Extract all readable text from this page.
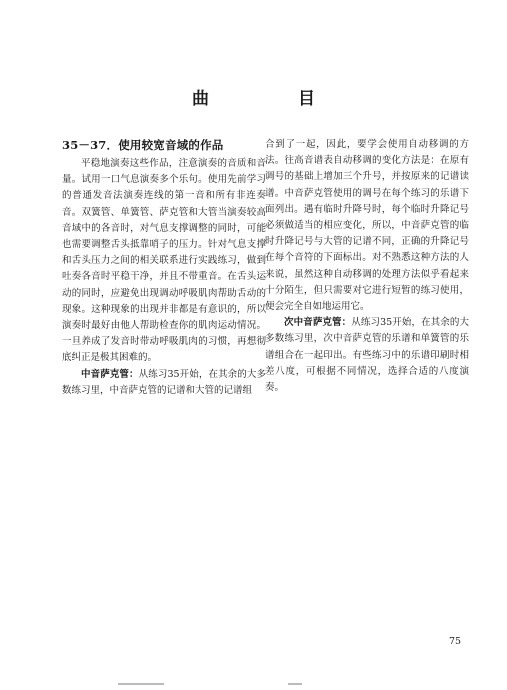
曲　目
35－37．使用较宽音域的作品

平稳地演奏这些作品，注意演奏的音质和音量。试用一口气息演奏多个乐句。使用先前学习的普通发音法演奏连线的第一音和所有非连奏音。双簧管、单簧管、萨克管和大管当演奏较高音域中的各音时，对气息支撑调整的同时，可能也需要调整舌头抵靠哨子的压力。针对气息支撑和舌头压力之间的相关联系进行实践练习，做到吐奏各音时平稳干净，并且不带重音。在舌头运动的同时，应避免出现调动呼吸肌肉帮助舌动的现象。这种现象的出现并非都是有意识的，所以演奏时最好由他人帮助检查你的肌肉运动情况。一旦养成了发音时带动呼吸肌肉的习惯，再想彻底纠正是极其困难的。

中音萨克管：从练习35开始，在其余的大多数练习里，中音萨克管的记谱和大管的记谱组

合到了一起，因此，要学会使用自动移调的方法。往高音谱表自动移调的变化方法是：在原有调号的基础上增加三个升号，并按原来的记谱读谱。中音萨克管使用的调号在每个练习的乐谱下面列出。遇有临时升降号时，每个临时升降记号必须做适当的相应变化，所以，中音萨克管的临时升降记号与大管的记谱不同，正确的升降记号在每个音符的下面标出。对不熟悉这种方法的人来说，虽然这种自动移调的处理方法似乎看起来十分陌生，但只需要对它进行短暂的练习使用，便会完全自如地运用它。

次中音萨克管：从练习35开始，在其余的大多数练习里，次中音萨克管的乐谱和单簧管的乐谱组合在一起印出。有些练习中的乐谱印刷时相差八度，可根据不同情况，选择合适的八度演奏。

75
